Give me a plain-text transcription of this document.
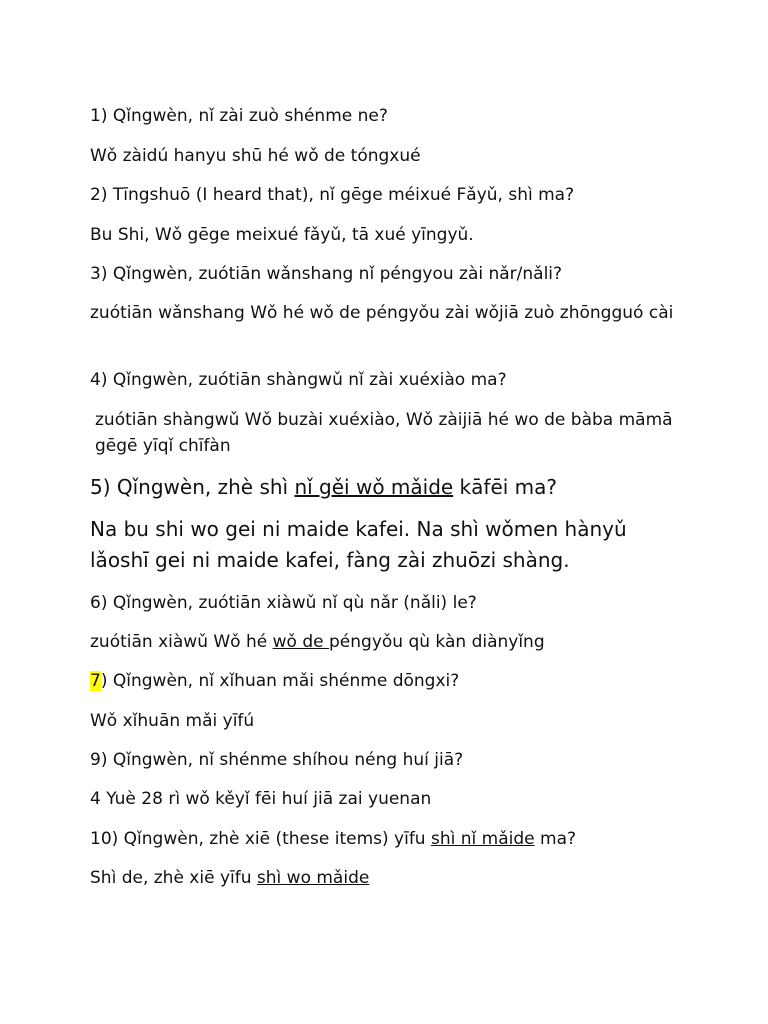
1) Qǐngwèn, nǐ zài zuò shénme ne?
Wǒ zàidú hanyu shū hé wǒ de tóngxué
2) Tīngshuō (I heard that), nǐ gēge méixué Fǎyǔ, shì ma?
Bu Shi, Wǒ gēge meixué fǎyǔ, tā xué yīngyǔ.
3) Qǐngwèn, zuótiān wǎnshang nǐ péngyou zài nǎr/nǎli?
zuótiān wǎnshang Wǒ hé wǒ de péngyǒu zài wǒjiā zuò zhōngguó cài
4) Qǐngwèn, zuótiān shàngwǔ nǐ zài xuéxiào ma?
zuótiān shàngwǔ Wǒ buzài xuéxiào, Wǒ zàijiā hé wo de bàba māmā gēgē yīqǐ chīfàn
5) Qǐngwèn, zhè shì nǐ gěi wǒ mǎide kāfēi ma?
Na bu shi wo gei ni maide kafei. Na shì wǒmen hànyǔ lǎoshī gei ni maide kafei, fàng zài zhuōzi shàng.
6) Qǐngwèn, zuótiān xiàwǔ nǐ qù nǎr (nǎli) le?
zuótiān xiàwǔ Wǒ hé wǒ de péngyǒu qù kàn diànyǐng
7) Qǐngwèn, nǐ xǐhuan mǎi shénme dōngxi?
Wǒ xǐhuān mǎi yīfú
9) Qǐngwèn, nǐ shénme shíhou néng huí jiā?
4 Yuè 28 rì wǒ kěyǐ fēi huí jiā zai yuenan
10) Qǐngwèn, zhè xiē (these items) yīfu shì nǐ mǎide ma?
Shì de, zhè xiē yīfu shì wo mǎide
